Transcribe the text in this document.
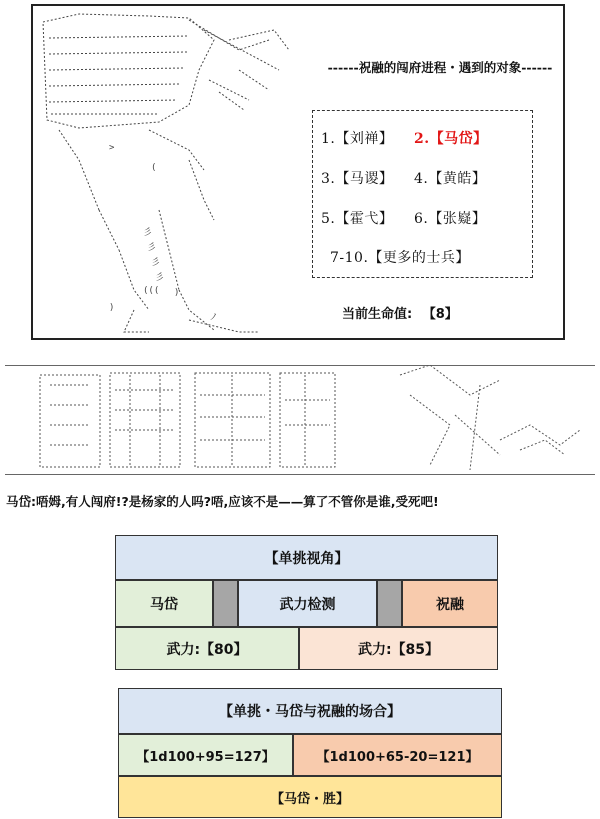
>
(
彡
彡
彡
彡
((( )
ノ
)
------祝融的闯府进程・遇到的对象------
1.【刘禅】 2.【马岱】
3.【马谡】 4.【黄皓】
5.【霍弋】 6.【张嶷】
7-10.【更多的士兵】
当前生命值: 【8】
马岱:唔姆,有人闯府!?是杨家的人吗?唔,应该不是——算了不管你是谁,受死吧!
【单挑视角】
马岱	武力检测	祝融
武力:【80】	武力:【85】
【单挑・马岱与祝融的场合】
【1d100+95=127】	【1d100+65-20=121】
【马岱・胜】
